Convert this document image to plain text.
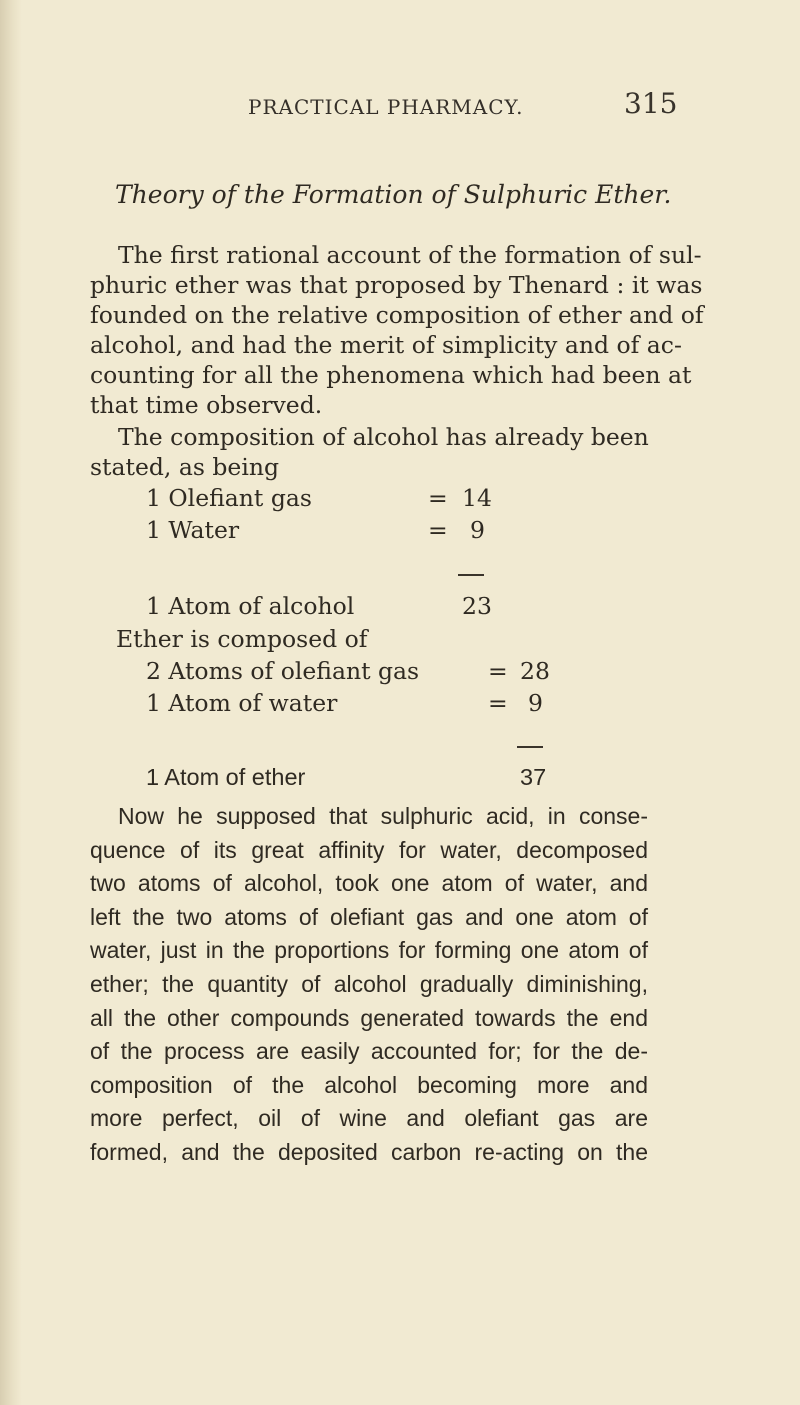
PRACTICAL PHARMACY.	315
Theory of the Formation of Sulphuric Ether.
The first rational account of the formation of sul-
phuric ether was that proposed by Thenard : it was
founded on the relative composition of ether and of
alcohol, and had the merit of simplicity and of ac-
counting for all the phenomena which had been at
that time observed.
The composition of alcohol has already been
stated, as being
1 Olefiant gas	= 14
1 Water	= 9
1 Atom of alcohol	23
Ether is composed of
2 Atoms of olefiant gas	= 28
1 Atom of water	= 9
1 Atom of ether	37
Now he supposed that sulphuric acid, in conse-
quence of its great affinity for water, decomposed
two atoms of alcohol, took one atom of water, and
left the two atoms of olefiant gas and one atom of
water, just in the proportions for forming one atom of
ether; the quantity of alcohol gradually diminishing,
all the other compounds generated towards the end
of the process are easily accounted for; for the de-
composition of the alcohol becoming more and
more perfect, oil of wine and olefiant gas are
formed, and the deposited carbon re-acting on the
